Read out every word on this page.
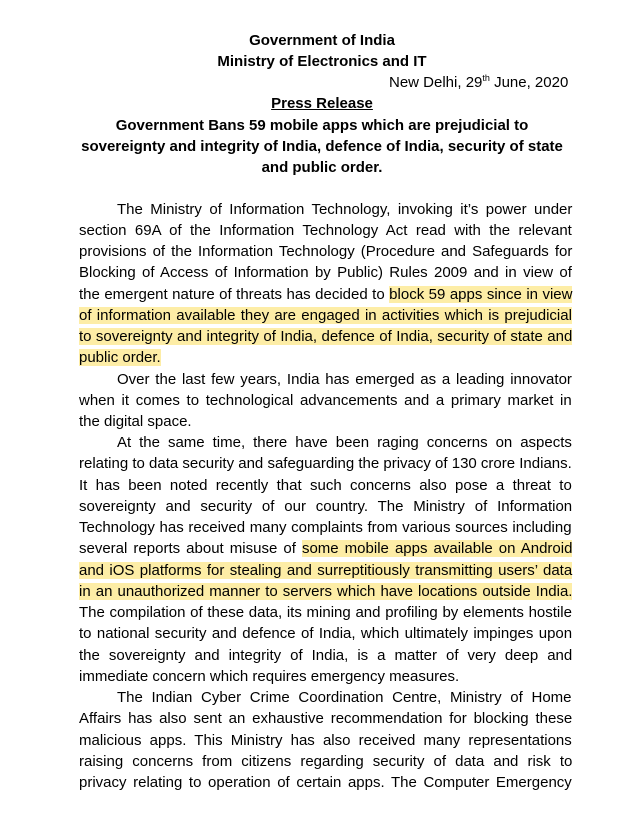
Government of India
Ministry of Electronics and IT
New Delhi, 29th June, 2020
Press Release
Government Bans 59 mobile apps which are prejudicial to
sovereignty and integrity of India, defence of India, security of state
and public order.
The Ministry of Information Technology, invoking it’s power under
section 69A of the Information Technology Act read with the relevant
provisions of the Information Technology (Procedure and Safeguards for
Blocking of Access of Information by Public) Rules 2009 and in view of
the emergent nature of threats has decided to block 59 apps since in view
of information available they are engaged in activities which is prejudicial
to sovereignty and integrity of India, defence of India, security of state and
public order.
Over the last few years, India has emerged as a leading innovator
when it comes to technological advancements and a primary market in
the digital space.
At the same time, there have been raging concerns on aspects
relating to data security and safeguarding the privacy of 130 crore Indians.
It has been noted recently that such concerns also pose a threat to
sovereignty and security of our country. The Ministry of Information
Technology has received many complaints from various sources including
several reports about misuse of some mobile apps available on Android
and iOS platforms for stealing and surreptitiously transmitting users’ data
in an unauthorized manner to servers which have locations outside India.
The compilation of these data, its mining and profiling by elements hostile
to national security and defence of India, which ultimately impinges upon
the sovereignty and integrity of India, is a matter of very deep and
immediate concern which requires emergency measures.
The Indian Cyber Crime Coordination Centre, Ministry of Home
Affairs has also sent an exhaustive recommendation for blocking these
malicious apps. This Ministry has also received many representations
raising concerns from citizens regarding security of data and risk to
privacy relating to operation of certain apps. The Computer Emergency
